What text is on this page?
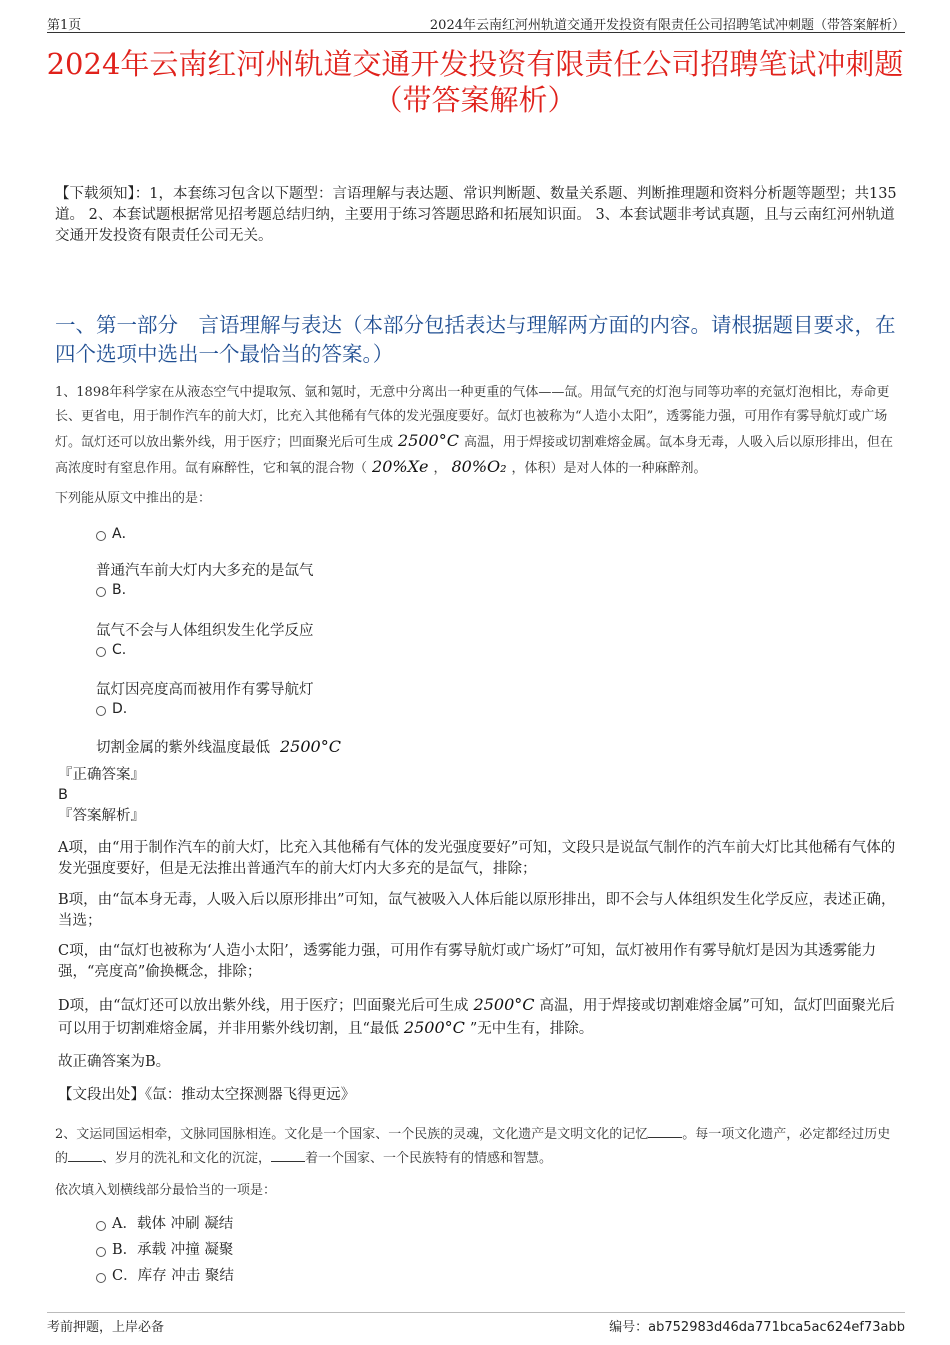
第1页	2024年云南红河州轨道交通开发投资有限责任公司招聘笔试冲刺题（带答案解析）
2024年云南红河州轨道交通开发投资有限责任公司招聘笔试冲刺题（带答案解析）
【下载须知】：1，本套练习包含以下题型：言语理解与表达题、常识判断题、数量关系题、判断推理题和资料分析题等题型；共135道。 2、本套试题根据常见招考题总结归纳，主要用于练习答题思路和拓展知识面。 3、本套试题非考试真题，且与云南红河州轨道交通开发投资有限责任公司无关。
一、第一部分　言语理解与表达（本部分包括表达与理解两方面的内容。请根据题目要求，在四个选项中选出一个最恰当的答案。）
1、1898年科学家在从液态空气中提取氖、氩和氪时，无意中分离出一种更重的气体——氙。用氙气充的灯泡与同等功率的充氩灯泡相比，寿命更长、更省电，用于制作汽车的前大灯，比充入其他稀有气体的发光强度要好。氙灯也被称为“人造小太阳”，透雾能力强，可用作有雾导航灯或广场灯。氙灯还可以放出紫外线，用于医疗；凹面聚光后可生成 2500°C 高温，用于焊接或切割难熔金属。氙本身无毒，人吸入后以原形排出，但在高浓度时有窒息作用。氙有麻醉性，它和氧的混合物（ 20%Xe ， 80%O₂ ，体积）是对人体的一种麻醉剂。
下列能从原文中推出的是：
A．
普通汽车前大灯内大多充的是氙气
B.
氙气不会与人体组织发生化学反应
C.
氙灯因亮度高而被用作有雾导航灯
D.
切割金属的紫外线温度最低 2500°C
『正确答案』
B
『答案解析』
A项，由“用于制作汽车的前大灯，比充入其他稀有气体的发光强度要好”可知，文段只是说氙气制作的汽车前大灯比其他稀有气体的发光强度要好，但是无法推出普通汽车的前大灯内大多充的是氙气，排除；
B项，由“氙本身无毒，人吸入后以原形排出”可知，氙气被吸入人体后能以原形排出，即不会与人体组织发生化学反应，表述正确，当选；
C项，由“氙灯也被称为‘人造小太阳’，透雾能力强，可用作有雾导航灯或广场灯”可知，氙灯被用作有雾导航灯是因为其透雾能力强，“亮度高”偷换概念，排除；
D项，由“氙灯还可以放出紫外线，用于医疗；凹面聚光后可生成 2500°C 高温，用于焊接或切割难熔金属”可知，氙灯凹面聚光后可以用于切割难熔金属，并非用紫外线切割，且“最低 2500°C ”无中生有，排除。
故正确答案为B。
【文段出处】《氙：推动太空探测器飞得更远》
2、文运同国运相牵，文脉同国脉相连。文化是一个国家、一个民族的灵魂，文化遗产是文明文化的记忆	。每一项文化遗产，必定都经过历史的	、岁月的洗礼和文化的沉淀，	着一个国家、一个民族特有的情感和智慧。
依次填入划横线部分最恰当的一项是：
A．载体 冲刷 凝结
B．承载 冲撞 凝聚
C．库存 冲击 聚结
考前押题，上岸必备	编号：ab752983d46da771bca5ac624ef73abb
